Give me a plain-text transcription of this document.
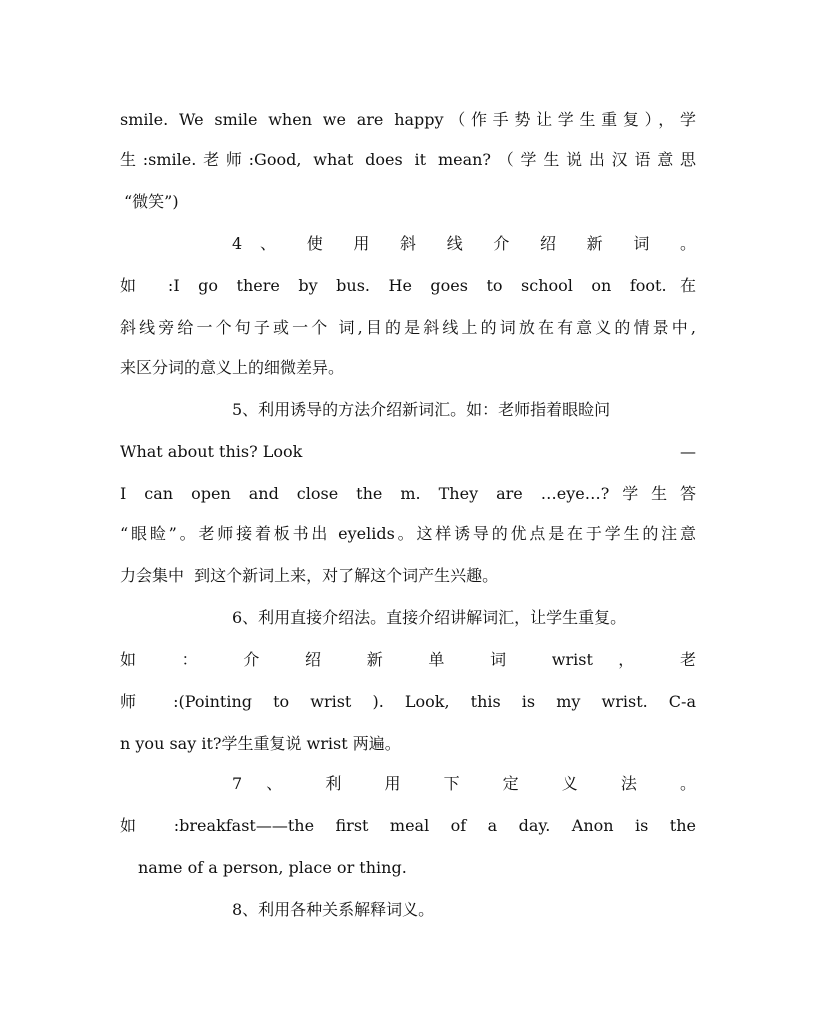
smile. We smile when we are happy（作手势让学生重复），学
生:smile.老师:Good, what does it mean?（学生说出汉语意思
“微笑”)
4 、 使 用 斜 线 介 绍 新 词 。
如 :I go there by bus. He goes to school on foot.在
斜线旁给一个句子或一个 词,目的是斜线上的词放在有意义的情景中,
来区分词的意义上的细微差异。
5、利用诱导的方法介绍新词汇。如：老师指着眼睑问
What about this? Look	—
I can open and close the m. They are …eye…?学生答
“眼睑”。老师接着板书出 eyelids。这样诱导的优点是在于学生的注意
力会集中  到这个新词上来，对了解这个词产生兴趣。
6、利用直接介绍法。直接介绍讲解词汇，让学生重复。
如 ： 介 绍 新 单 词 wrist ， 老
师 :(Pointing to wrist ). Look, this is my wrist. C-a
n you say it?学生重复说 wrist 两遍。
7 、 利 用 下 定 义 法 。
如 :breakfast——the first meal of a day. Anon is the
name of a person, place or thing.
8、利用各种关系解释词义。
